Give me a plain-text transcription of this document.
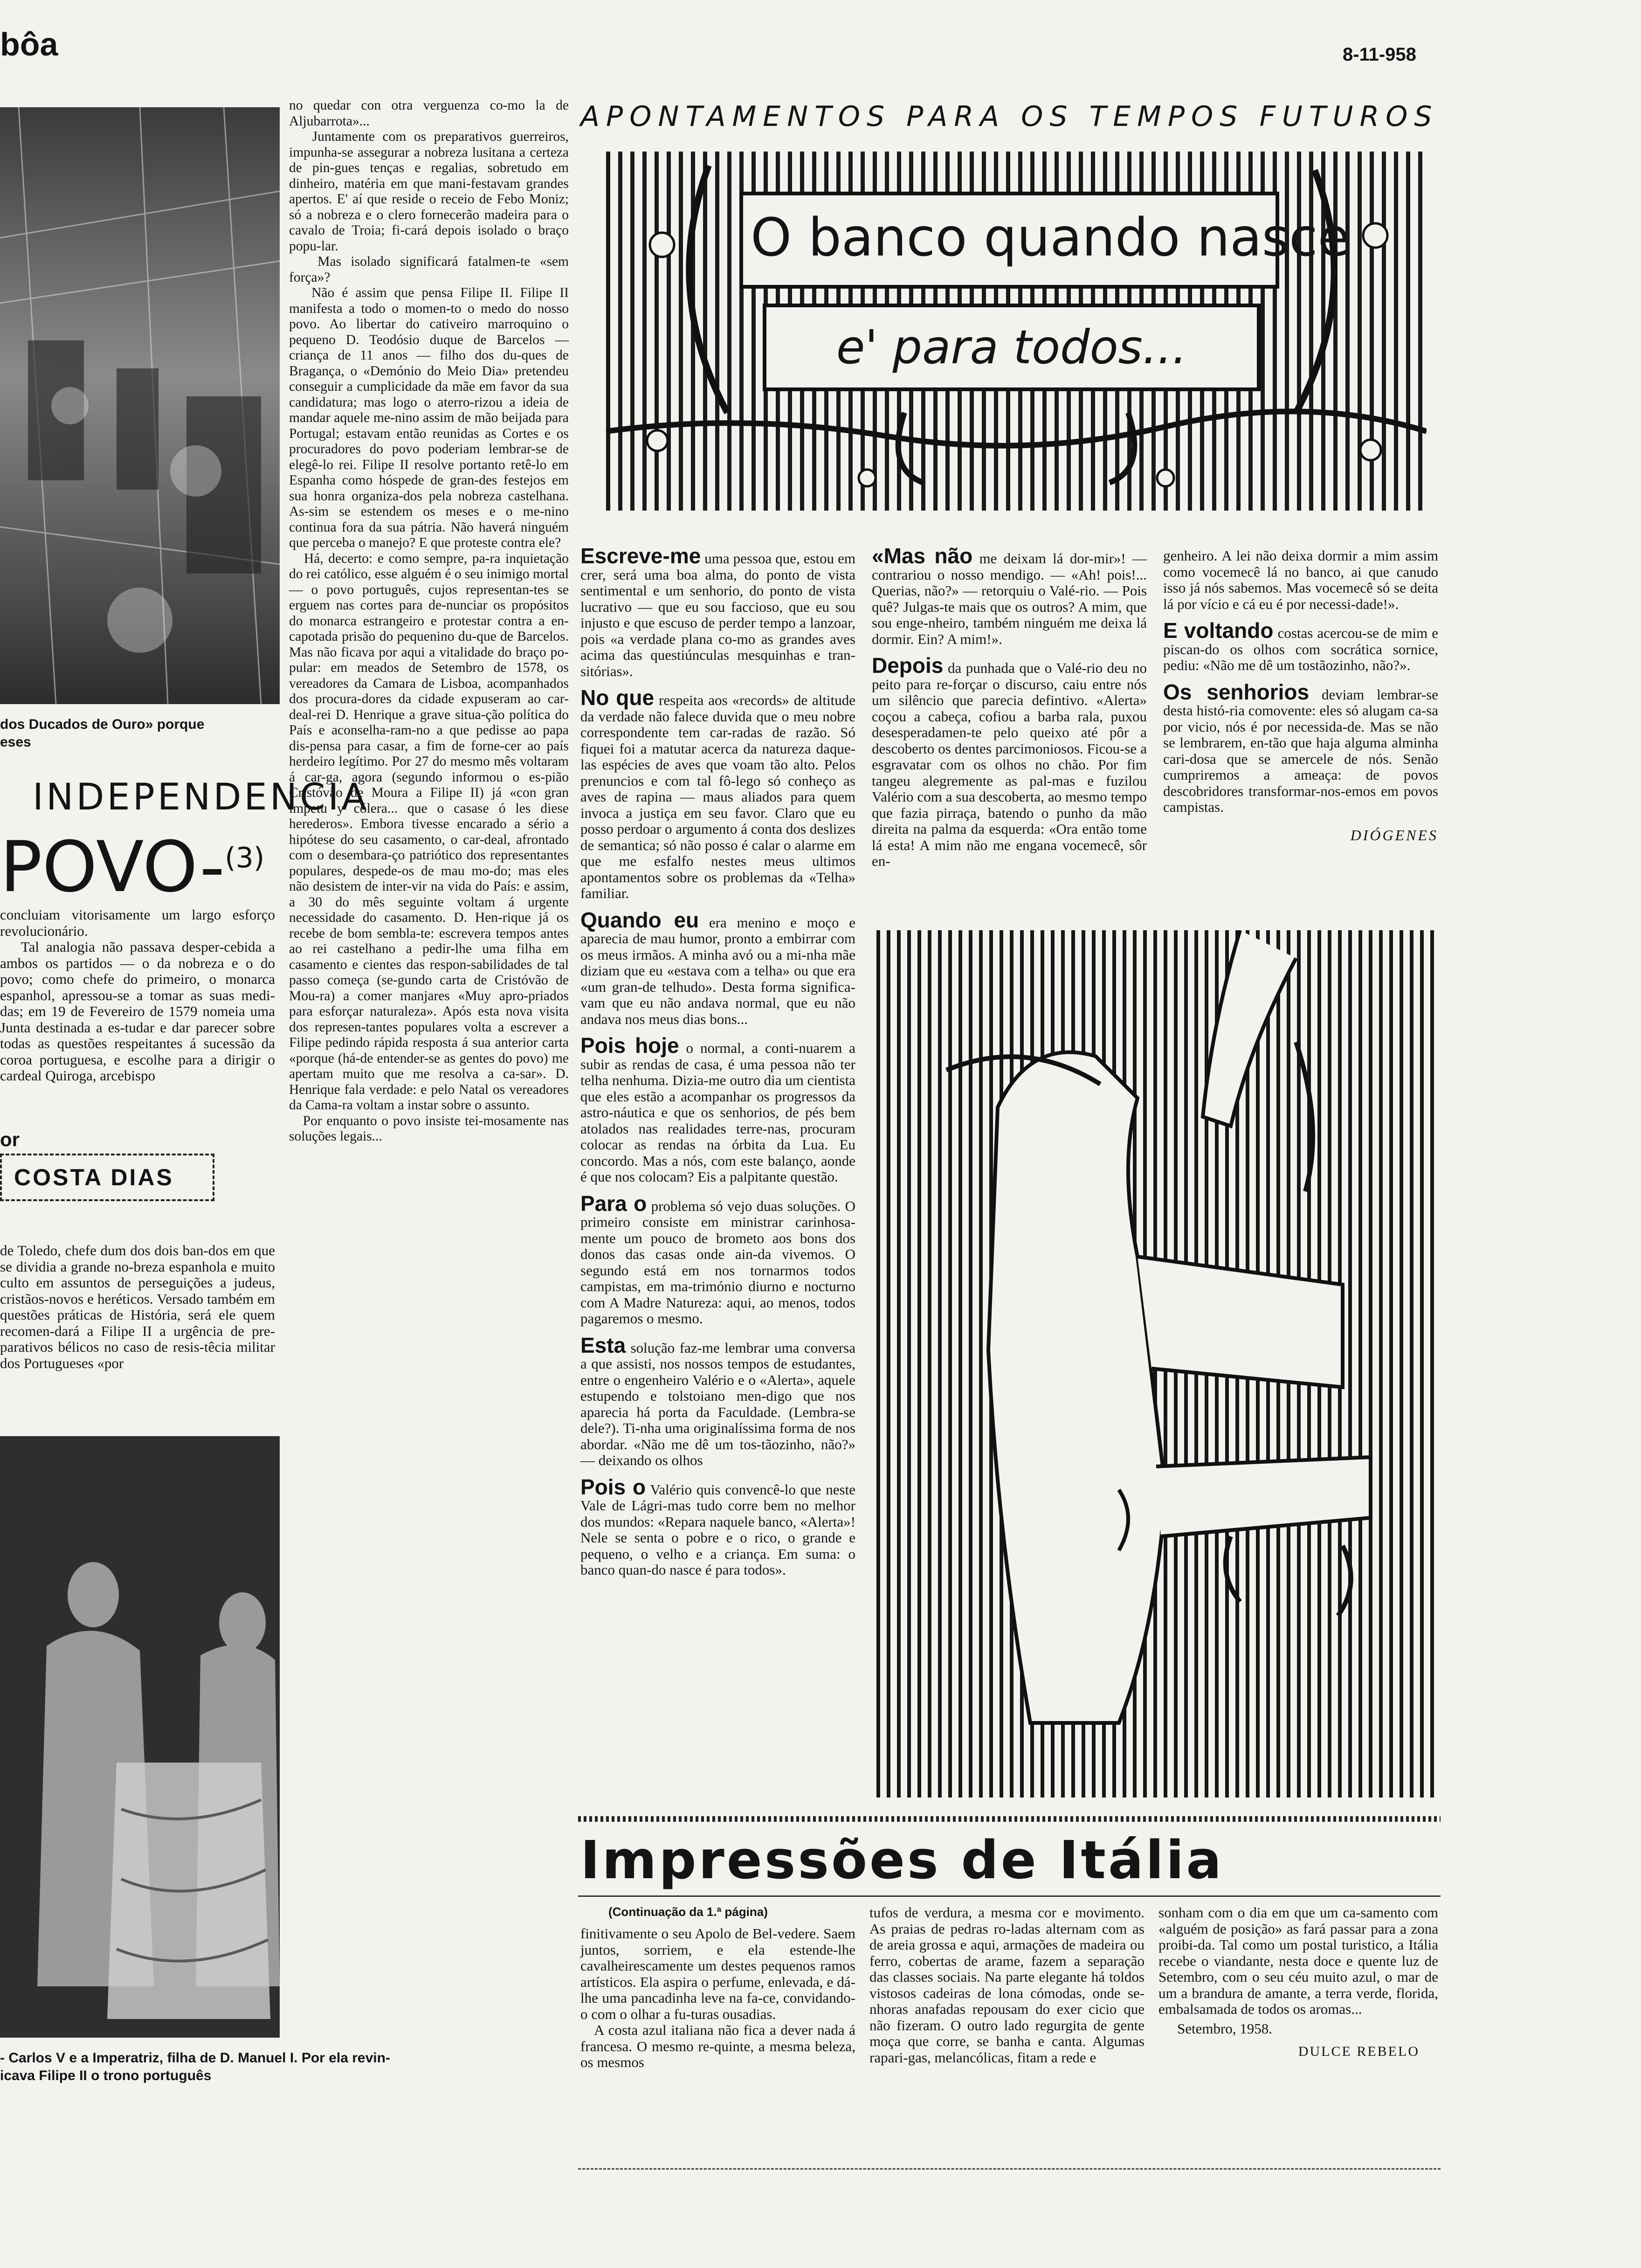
bôa	8-11-958
dos Ducados de Ouro» porque
eses
INDEPENDENCIA
POVO-$^{(3)}$

concluiam vitorisamente um largo esforço revolucionário.
Tal analogia não passava desper-cebida a ambos os partidos — o da nobreza e o do povo; como chefe do primeiro, o monarca espanhol, apressou-se a tomar as suas medi-das; em 19 de Fevereiro de 1579 nomeia uma Junta destinada a es-tudar e dar parecer sobre todas as questões respeitantes á sucessão da coroa portuguesa, e escolhe para a dirigir o cardeal Quiroga, arcebispo

or
COSTA DIAS

de Toledo, chefe dum dos dois ban-dos em que se dividia a grande no-breza espanhola e muito culto em assuntos de perseguições a judeus, cristãos-novos e heréticos. Versado também em questões práticas de História, será ele quem recomen-dará a Filipe II a urgência de pre-parativos bélicos no caso de resis-têcia militar dos Portugueses «por

- Carlos V e a Imperatriz, filha de D. Manuel I. Por ela revin-
icava Filipe II o trono português

no quedar con otra verguenza co-mo la de Aljubarrota»...
Juntamente com os preparativos guerreiros, impunha-se assegurar a nobreza lusitana a certeza de pin-gues tenças e regalias, sobretudo em dinheiro, matéria em que mani-festavam grandes apertos. E' aí que reside o receio de Febo Moniz; só a nobreza e o clero fornecerão madeira para o cavalo de Troia; fi-cará depois isolado o braço popu-lar.
Mas isolado significará fatalmen-te «sem força»?
Não é assim que pensa Filipe II. Filipe II manifesta a todo o momen-to o medo do nosso povo. Ao libertar do cativeiro marroquino o pequeno D. Teodósio duque de Barcelos — criança de 11 anos — filho dos du-ques de Bragança, o «Demónio do Meio Dia» pretendeu conseguir a cumplicidade da mãe em favor da sua candidatura; mas logo o aterro-rizou a ideia de mandar aquele me-nino assim de mão beijada para Portugal; estavam então reunidas as Cortes e os procuradores do povo poderiam lembrar-se de elegê-lo rei. Filipe II resolve portanto retê-lo em Espanha como hóspede de gran-des festejos em sua honra organiza-dos pela nobreza castelhana. As-sim se estendem os meses e o me-nino continua fora da sua pátria. Não haverá ninguém que perceba o manejo? E que proteste contra ele?
Há, decerto: e como sempre, pa-ra inquietação do rei católico, esse alguém é o seu inimigo mortal — o povo português, cujos representan-tes se erguem nas cortes para de-nunciar os propósitos do monarca estrangeiro e protestar contra a en-capotada prisão do pequenino du-que de Barcelos. Mas não ficava por aqui a vitalidade do braço po-pular: em meados de Setembro de 1578, os vereadores da Camara de Lisboa, acompanhados dos procura-dores da cidade expuseram ao car-deal-rei D. Henrique a grave situa-ção política do País e aconselha-ram-no a que pedisse ao papa dis-pensa para casar, a fim de forne-cer ao país herdeiro legítimo. Por 27 do mesmo mês voltaram á car-ga, agora (segundo informou o es-pião Cristóvão de Moura a Filipe II) já «con gran impetu y cólera... que o casase ó les diese herederos». Embora tivesse encarado a sério a hipótese do seu casamento, o car-deal, afrontado com o desembara-ço patriótico dos representantes populares, despede-os de mau mo-do; mas eles não desistem de inter-vir na vida do País: e assim, a 30 do mês seguinte voltam á urgente necessidade do casamento. D. Hen-rique já os recebe de bom sembla-te: escrevera tempos antes ao rei castelhano a pedir-lhe uma filha em casamento e cientes das respon-sabilidades de tal passo começa (se-gundo carta de Cristóvão de Mou-ra) a comer manjares «Muy apro-priados para esforçar naturaleza». Após esta nova visita dos represen-tantes populares volta a escrever a Filipe pedindo rápida resposta á sua anterior carta «porque (há-de entender-se as gentes do povo) me apertam muito que me resolva a ca-sar». D. Henrique fala verdade: e pelo Natal os vereadores da Cama-ra voltam a instar sobre o assunto.
Por enquanto o povo insiste tei-mosamente nas soluções legais...

APONTAMENTOS PARA OS TEMPOS FUTUROS
O banco quando nasce
e' para todos...

Escreve-me uma pessoa que, estou em crer, será uma boa alma, do ponto de vista sentimental e um senhorio, do ponto de vista lucrativo — que eu sou faccioso, que eu sou injusto e que escuso de perder tempo a lanzoar, pois «a verdade plana co-mo as grandes aves acima das questiúnculas mesquinhas e tran-sitórias».

No que respeita aos «records» de altitude da verdade não falece duvida que o meu nobre correspondente tem car-radas de razão. Só fiquei foi a matutar acerca da natureza daque-las espécies de aves que voam tão alto. Pelos prenuncios e com tal fô-lego só conheço as aves de rapina — maus aliados para quem invoca a justiça em seu favor. Claro que eu posso perdoar o argumento á conta dos deslizes de semantica; só não posso é calar o alarme em que me esfalfo nestes meus ultimos apontamentos sobre os problemas da «Telha» familiar.

Quando eu era menino e moço e aparecia de mau humor, pronto a embirrar com os meus irmãos. A minha avó ou a mi-nha mãe diziam que eu «estava com a telha» ou que era «um gran-de telhudo». Desta forma significa-vam que eu não andava normal, que eu não andava nos meus dias bons...

Pois hoje o normal, a conti-nuarem a subir as rendas de casa, é uma pessoa não ter telha nenhuma. Dizia-me outro dia um cientista que eles estão a acompanhar os progressos da astro-náutica e que os senhorios, de pés bem atolados nas realidades terre-nas, procuram colocar as rendas na órbita da Lua. Eu concordo. Mas a nós, com este balanço, aonde é que nos colocam? Eis a palpitante questão.

Para o problema só vejo duas soluções. O primeiro consiste em ministrar carinhosa-mente um pouco de brometo aos bons dos donos das casas onde ain-da vivemos. O segundo está em nos tornarmos todos campistas, em ma-trimónio diurno e nocturno com A Madre Natureza: aqui, ao menos, todos pagaremos o mesmo.

Esta solução faz-me lembrar uma conversa a que assisti, nos nossos tempos de estudantes, entre o engenheiro Valério e o «Alerta», aquele estupendo e tolstoiano men-digo que nos aparecia há porta da Faculdade. (Lembra-se dele?). Ti-nha uma originalíssima forma de nos abordar. «Não me dê um tos-tãozinho, não?» — deixando os olhos

Pois o Valério quis convencê-lo que neste Vale de Lágri-mas tudo corre bem no melhor dos mundos: «Repara naquele banco, «Alerta»! Nele se senta o pobre e o rico, o grande e pequeno, o velho e a criança. Em suma: o banco quan-do nasce é para todos».

«Mas não me deixam lá dor-mir»! — contrariou o nosso mendigo. — «Ah! pois!... Querias, não?» — retorquiu o Valé-rio. — Pois quê? Julgas-te mais que os outros? A mim, que sou enge-nheiro, também ninguém me deixa lá dormir. Ein? A mim!».

Depois da punhada que o Valé-rio deu no peito para re-forçar o discurso, caiu entre nós um silêncio que parecia defintivo. «Alerta» coçou a cabeça, cofiou a barba rala, puxou desesperadamen-te pelo queixo até pôr a descoberto os dentes parcimoniosos. Ficou-se a esgravatar com os olhos no chão. Por fim tangeu alegremente as pal-mas e fuzilou Valério com a sua descoberta, ao mesmo tempo que fazia pirraça, batendo o punho da mão direita na palma da esquerda: «Ora então tome lá esta! A mim não me engana vocemecê, sôr en-

genheiro. A lei não deixa dormir a mim assim como vocemecê lá no banco, ai que canudo isso já nós sabemos. Mas vocemecê só se deita lá por vício e cá eu é por necessi-dade!».

E voltando costas acercou-se de mim e piscan-do os olhos com socrática sornice, pediu: «Não me dê um tostãozinho, não?».

Os senhorios deviam lembrar-se desta histó-ria comovente: eles só alugam ca-sa por vicio, nós é por necessida-de. Mas se não se lembrarem, en-tão que haja alguma alminha cari-dosa que se amercele de nós. Senão cumpriremos a ameaça: de povos descobridores transformar-nos-emos em povos campistas.

DIÓGENES
Impressões de Itália
(Continuação da 1.ª página)

finitivamente o seu Apolo de Bel-vedere. Saem juntos, sorriem, e ela estende-lhe cavalheirescamente um destes pequenos ramos artísticos. Ela aspira o perfume, enlevada, e dá-lhe uma pancadinha leve na fa-ce, convidando-o com o olhar a fu-turas ousadias.
A costa azul italiana não fica a dever nada á francesa. O mesmo re-quinte, a mesma beleza, os mesmos

tufos de verdura, a mesma cor e movimento. As praias de pedras ro-ladas alternam com as de areia grossa e aqui, armações de madeira ou ferro, cobertas de arame, fazem a separação das classes sociais. Na parte elegante há toldos vistosos cadeiras de lona cómodas, onde se-nhoras anafadas repousam do exer cicio que não fizeram. O outro lado regurgita de gente moça que corre, se banha e canta. Algumas rapari-gas, melancólicas, fitam a rede e

sonham com o dia em que um ca-samento com «alguém de posição» as fará passar para a zona proibi-da. Tal como um postal turistico, a Itália recebe o viandante, nesta doce e quente luz de Setembro, com o seu céu muito azul, o mar de um a brandura de amante, a terra verde, florida, embalsamada de todos os aromas...

Setembro, 1958.
DULCE REBELO
